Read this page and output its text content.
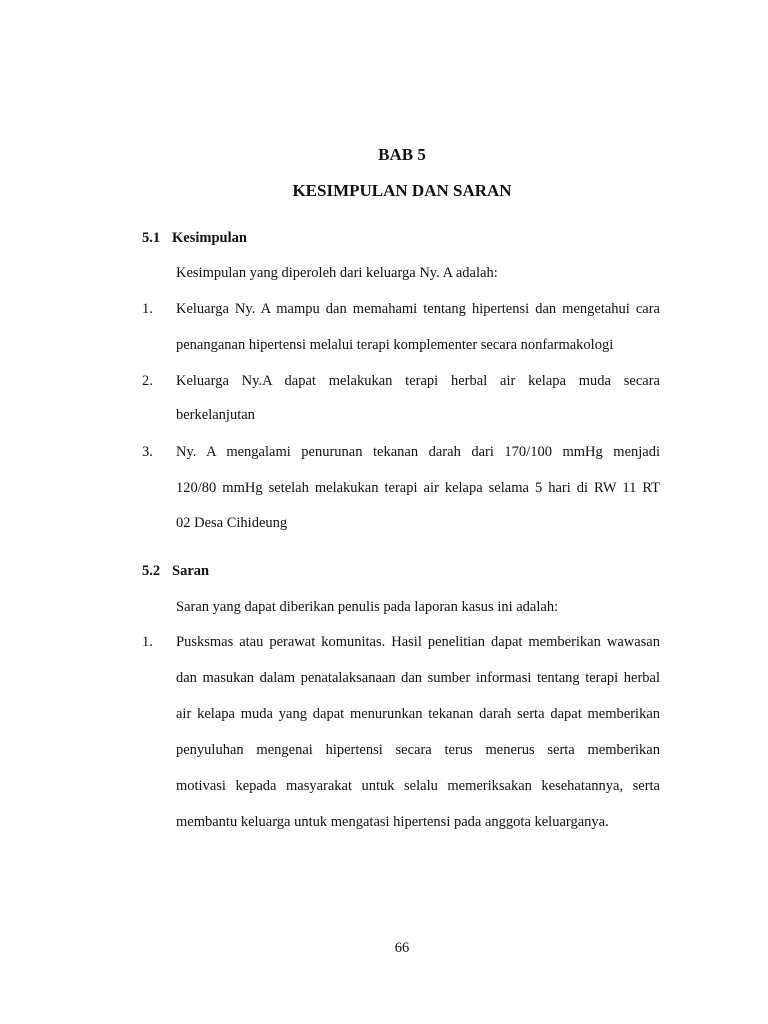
BAB 5
KESIMPULAN DAN SARAN
5.1 Kesimpulan

Kesimpulan yang diperoleh dari keluarga Ny. A adalah:

1. Keluarga Ny. A mampu dan memahami tentang hipertensi dan mengetahui cara

penanganan hipertensi melalui terapi komplementer secara nonfarmakologi

2. Keluarga Ny.A dapat melakukan terapi herbal air kelapa muda secara

berkelanjutan

3. Ny. A mengalami penurunan tekanan darah dari 170/100 mmHg menjadi

120/80 mmHg setelah melakukan terapi air kelapa selama 5 hari di RW 11 RT

02 Desa Cihideung

5.2 Saran

Saran yang dapat diberikan penulis pada laporan kasus ini adalah:

1. Pusksmas atau perawat komunitas. Hasil penelitian dapat memberikan wawasan

dan masukan dalam penatalaksanaan dan sumber informasi tentang terapi herbal

air kelapa muda yang dapat menurunkan tekanan darah serta dapat memberikan

penyuluhan mengenai hipertensi secara terus menerus serta memberikan

motivasi kepada masyarakat untuk selalu memeriksakan kesehatannya, serta

membantu keluarga untuk mengatasi hipertensi pada anggota keluarganya.

66
